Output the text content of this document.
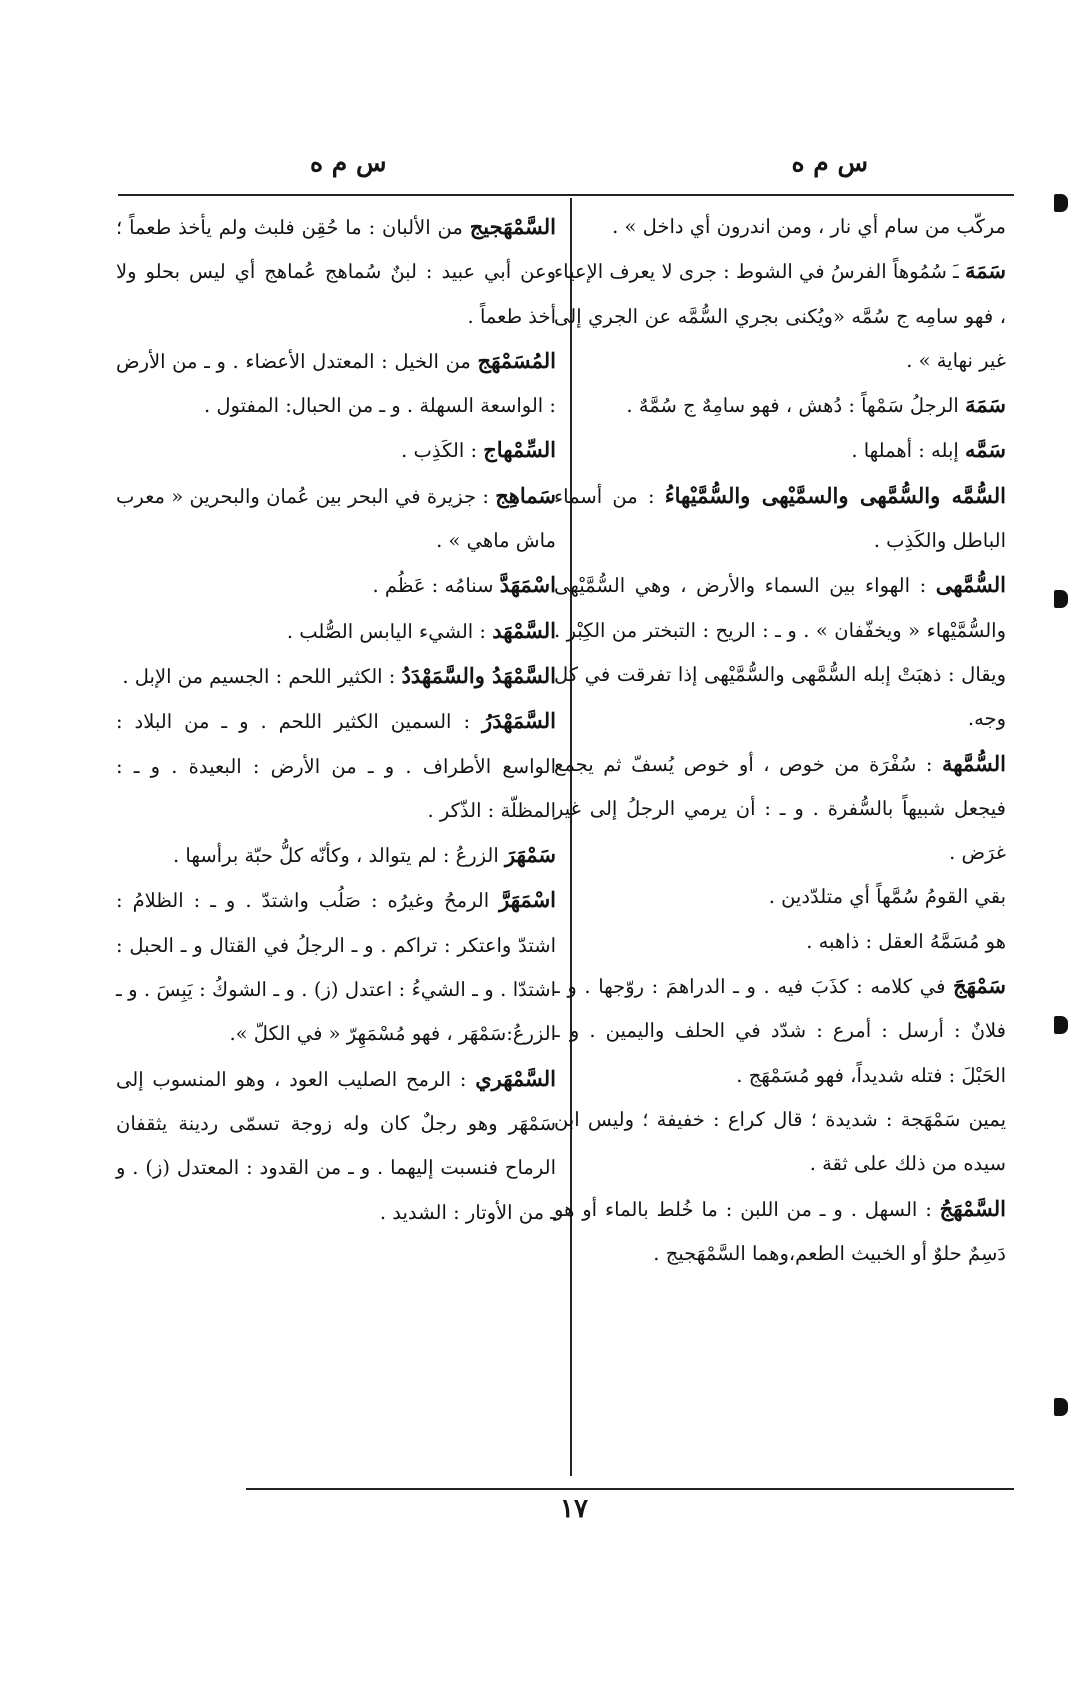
س م ه
س م ه

مركّب من سام أي نار ، ومن اندرون أي داخل » .

سَمَهَ ـَ سُمُوهاً الفرسُ في الشوط : جرى لا يعرف الإعياء ، فهو سامِه ج سُمَّه «ويُكنى بجري السُّمَّه عن الجري إلى غير نهاية » .

سَمَهَ الرجلُ سَمْهاً : دُهش ، فهو سامِهٌ ج سُمَّهٌ .

سَمَّه إبله : أهملها .

السُّمَّه والسُّمَّهى والسمَّيْهى والسُّمَّيْهاءُ : من أسماء الباطل والكَذِب .

السُّمَّهى : الهواء بين السماء والأرض ، وهي السُّمَّيْهى والسُّمَّيْهاء « ويخفّفان » . و ـ : الريح : التبختر من الكِبْر . ويقال : ذهبَتْ إبله السُّمَّهى والسُّمَّيْهى إذا تفرقت في كل وجه.

السُّمَّهة : سُفْرَة من خوص ، أو خوص يُسفّ ثم يجمع فيجعل شبيهاً بالسُّفرة . و ـ : أن يرمي الرجلُ إلى غير غرَض .

بقي القومُ سُمَّهاً أي متلدّدين .

هو مُسَمَّهُ العقل : ذاهبه .

سَمْهَجَ في كلامه : كذَبَ فيه . و ـ الدراهمَ : روّجها . و ـ فلانٌ : أرسل : أمرع : شدّد في الحلف واليمين . و ـ الحَبْلَ : فتله شديداً، فهو مُسَمْهَج .

يمين سَمْهَجة : شديدة ؛ قال كراع : خفيفة ؛ وليس ابن سيده من ذلك على ثقة .

السَّمْهَجُ : السهل . و ـ من اللبن : ما خُلط بالماء أو هو دَسِمٌ حلوٌ أو الخبيث الطعم،وهما السَّمْهَجيج .

السَّمْهَجيج من الألبان : ما حُقِن فلبث ولم يأخذ طعماً ؛ وعن أبي عبيد : لبنٌ سُماهج عُماهج أي ليس بحلو ولا أخذ طعماً .

المُسَمْهَج من الخيل : المعتدل الأعضاء . و ـ من الأرض : الواسعة السهلة . و ـ من الحبال: المفتول .

السِّمْهاج : الكَذِب .

سَماهِج : جزيرة في البحر بين عُمان والبحرين « معرب ماش ماهي » .

اسْمَهَدَّ سنامُه : عَظُم .

السَّمْهَد : الشيء اليابس الصُّلب .

السَّمْهَدُ والسَّمَهْدَدُ : الكثير اللحم : الجسيم من الإبل .

السَّمَهْدَرُ : السمين الكثير اللحم . و ـ من البلاد : الواسع الأطراف . و ـ من الأرض : البعيدة . و ـ : المظلّة : الذّكر .

سَمْهَرَ الزرعُ : لم يتوالد ، وكأنّه كلُّ حبّة برأسها .

اسْمَهَرَّ الرمحُ وغيرُه : صَلُب واشتدّ . و ـ : الظلامُ : اشتدّ واعتكر : تراكم . و ـ الرجلُ في القتال و ـ الحبل : اشتدّا . و ـ الشيءُ : اعتدل (ز) . و ـ الشوكُ : يَبِسَ . و ـ الزرعُ:سَمْهَر ، فهو مُسْمَهِرّ « في الكلّ ».

السَّمْهَري : الرمح الصليب العود ، وهو المنسوب إلى سَمْهَر وهو رجلٌ كان وله زوجة تسمّى ردينة يثقفان الرماح فنسبت إليهما . و ـ من القدود : المعتدل (ز) . و ـ من الأوتار : الشديد .

١٧
